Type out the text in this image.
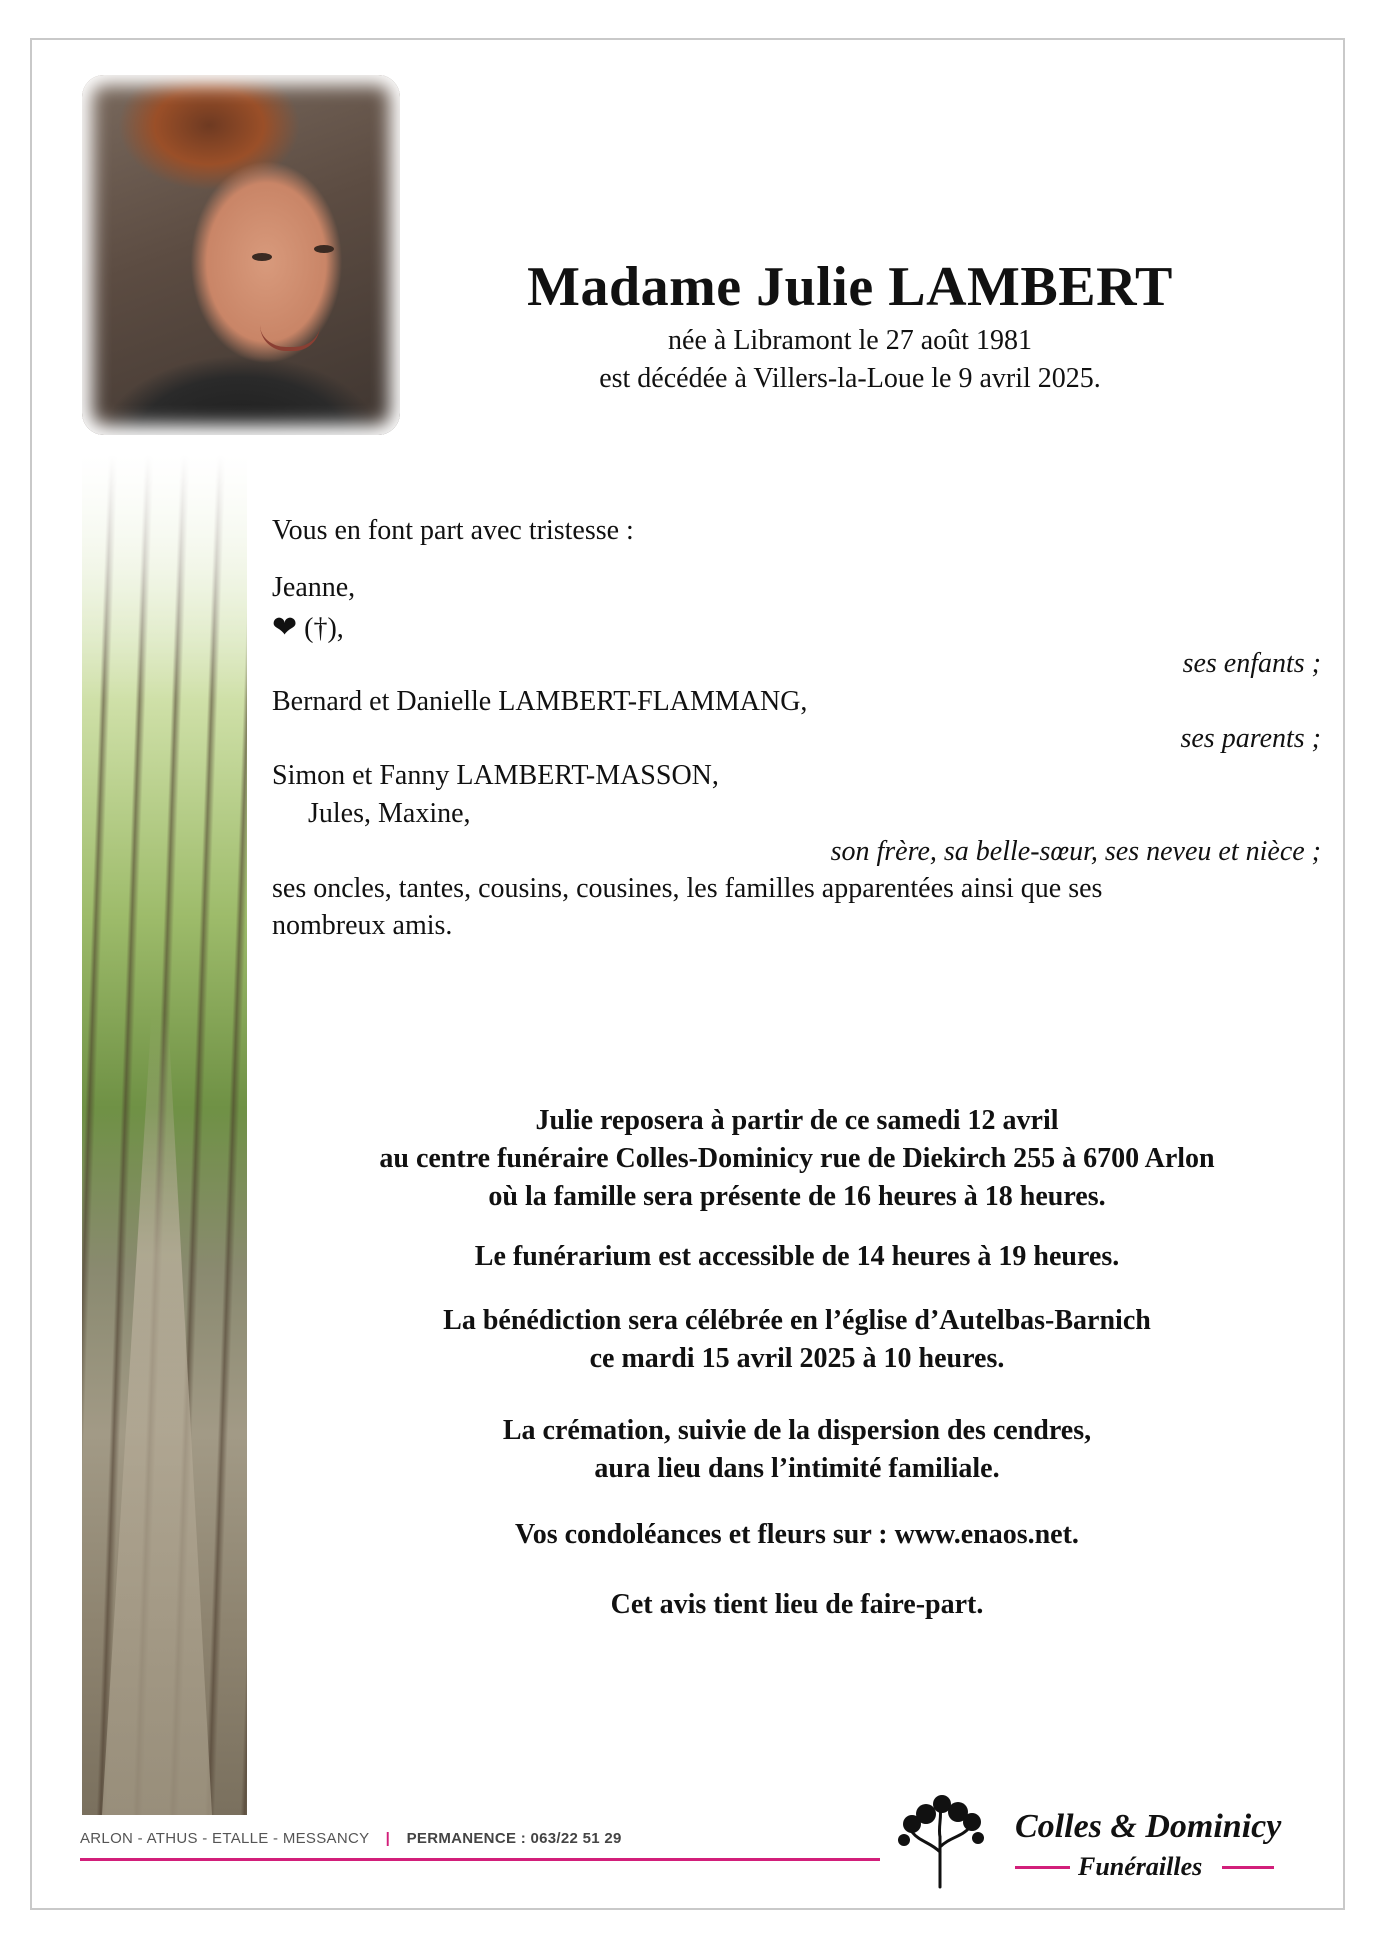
Madame Julie LAMBERT
née à Libramont le 27 août 1981
est décédée à Villers-la-Loue le 9 avril 2025.
Vous en font part avec tristesse :
Jeanne,
❤ (†),
ses enfants ;
Bernard et Danielle LAMBERT-FLAMMANG,
ses parents ;
Simon et Fanny LAMBERT-MASSON,
Jules, Maxine,
son frère, sa belle-sœur, ses neveu et nièce ;
ses oncles, tantes, cousins, cousines, les familles apparentées ainsi que ses
nombreux amis.
Julie reposera à partir de ce samedi 12 avril
au centre funéraire Colles-Dominicy rue de Diekirch 255 à 6700 Arlon
où la famille sera présente de 16 heures à 18 heures.
Le funérarium est accessible de 14 heures à 19 heures.
La bénédiction sera célébrée en l’église d’Autelbas-Barnich
ce mardi 15 avril 2025 à 10 heures.
La crémation, suivie de la dispersion des cendres,
aura lieu dans l’intimité familiale.
Vos condoléances et fleurs sur : www.enaos.net.
Cet avis tient lieu de faire-part.
ARLON - ATHUS - ETALLE - MESSANCY | PERMANENCE : 063/22 51 29	Colles & Dominicy
Funérailles
